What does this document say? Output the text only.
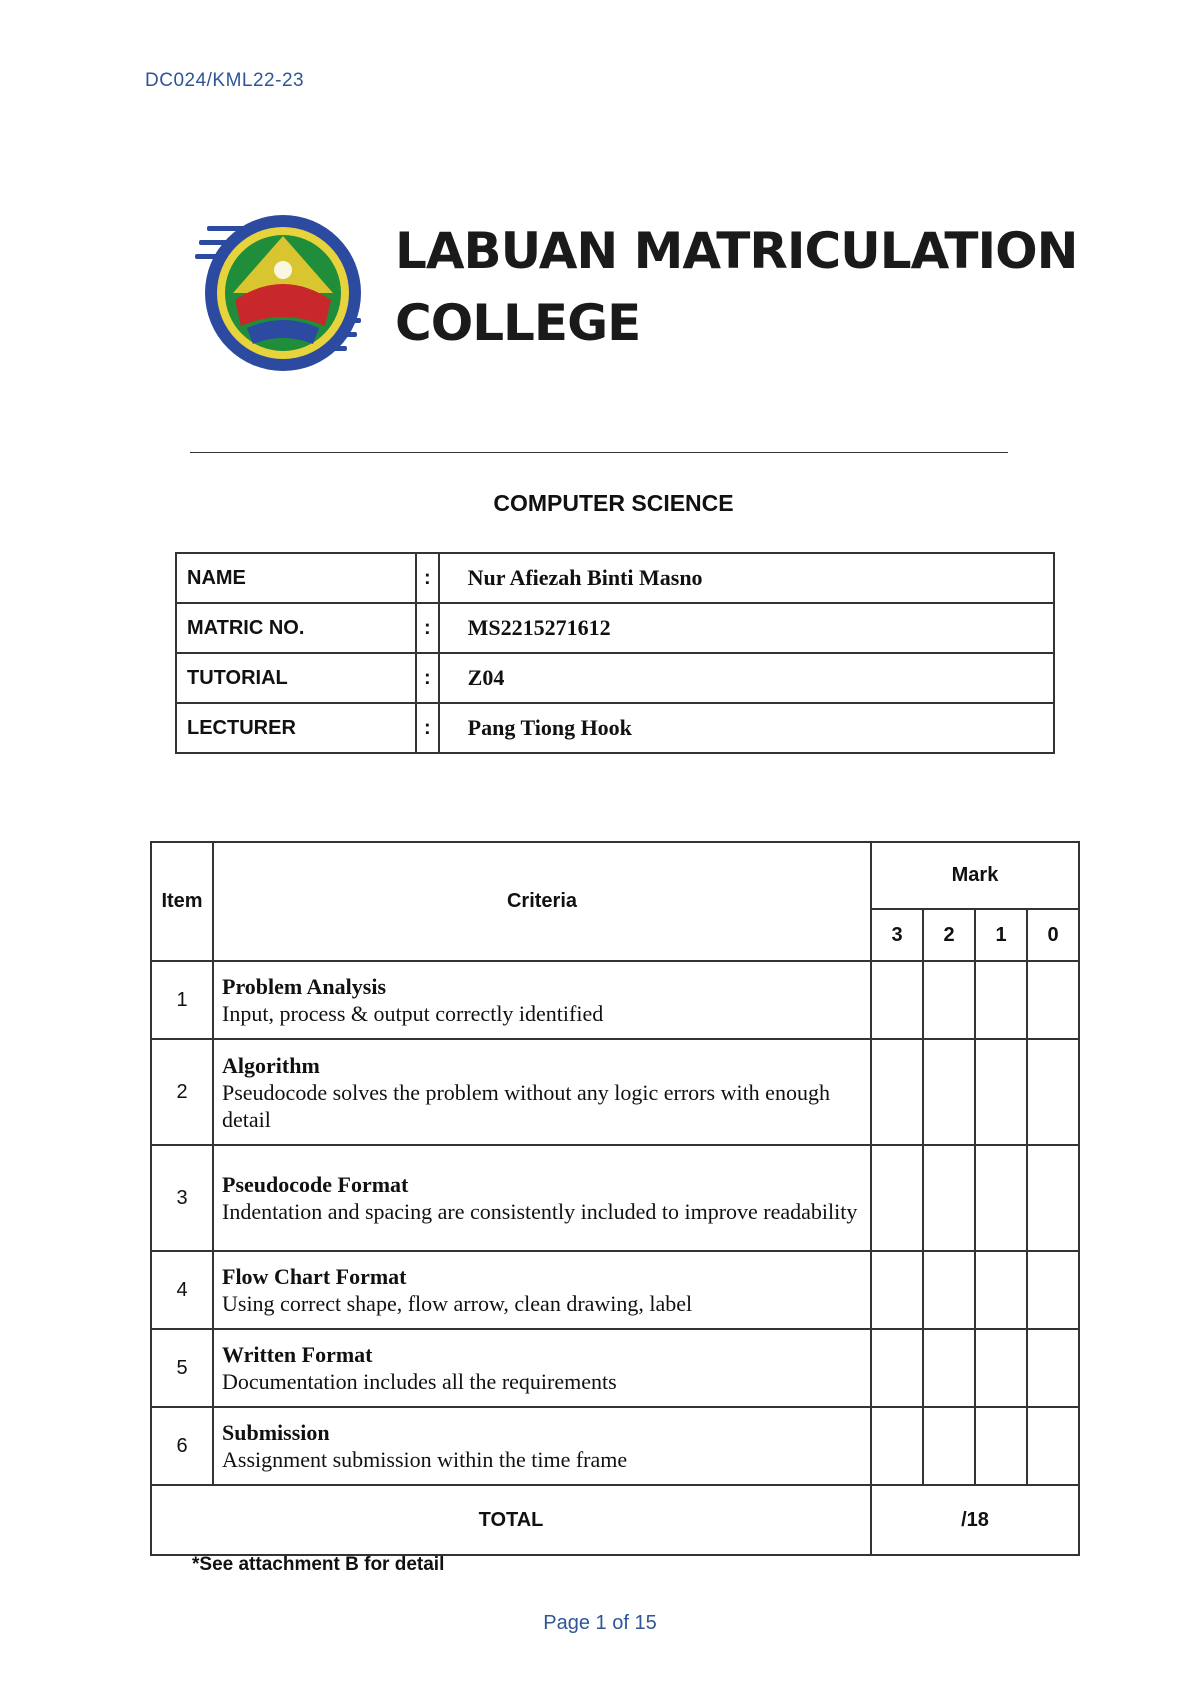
DC024/KML22-23
LABUAN MATRICULATION
COLLEGE
COMPUTER SCIENCE
NAME	:	Nur Afiezah Binti Masno
MATRIC NO.	:	MS2215271612
TUTORIAL	:	Z04
LECTURER	:	Pang Tiong Hook
Item	Criteria	Mark			
		3	2	1	0
1	Problem Analysis
Input, process & output correctly identified				
2	Algorithm
Pseudocode solves the problem without any logic errors with enough detail				
3	Pseudocode Format
Indentation and spacing are consistently included to improve readability				
4	Flow Chart Format
Using correct shape, flow arrow, clean drawing, label				
5	Written Format
Documentation includes all the requirements				
6	Submission
Assignment submission within the time frame				
TOTAL		/18			
*See attachment B for detail
Page 1 of 15
